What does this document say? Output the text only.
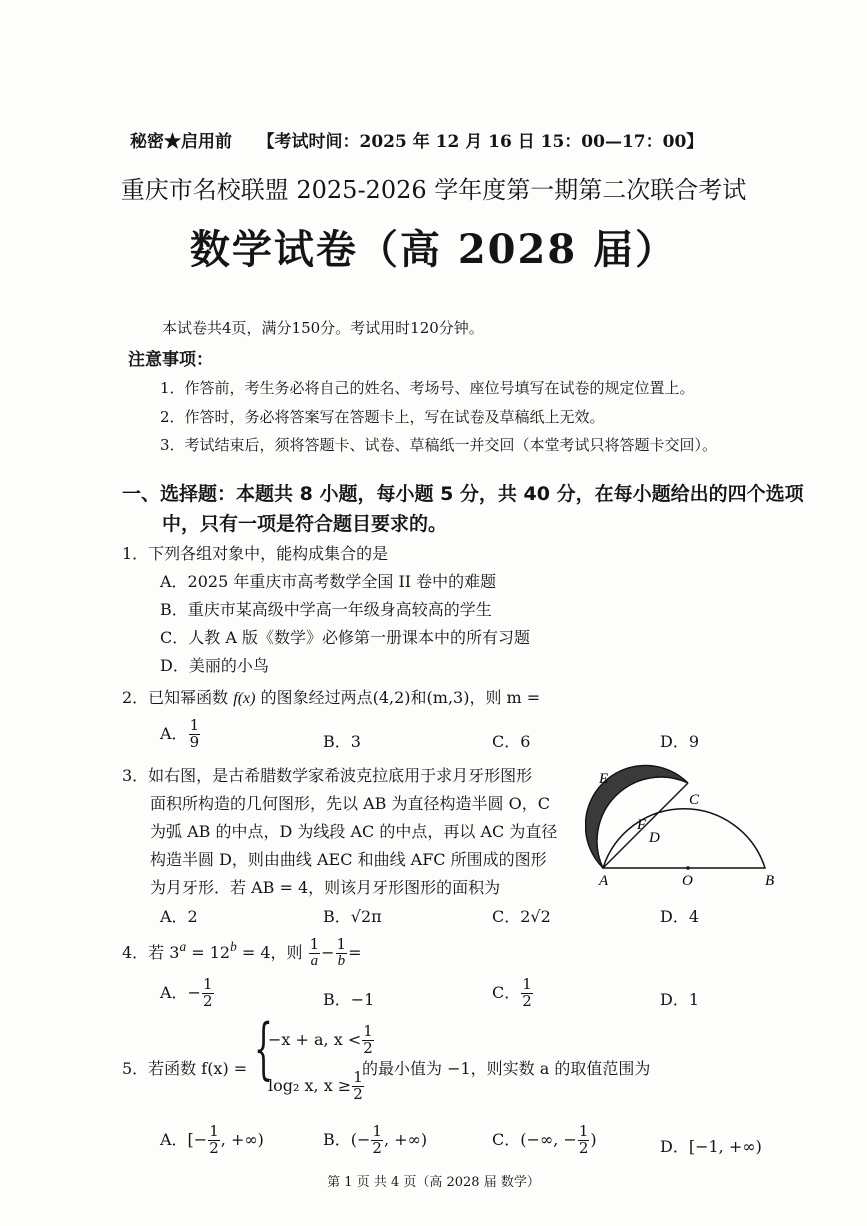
秘密★启用前　　【考试时间：2025 年 12 月 16 日 15：00—17：00】
重庆市名校联盟 2025-2026 学年度第一期第二次联合考试
数学试卷（高 2028 届）
本试卷共4页，满分150分。考试用时120分钟。
注意事项：
1．作答前，考生务必将自己的姓名、考场号、座位号填写在试卷的规定位置上。
2．作答时，务必将答案写在答题卡上，写在试卷及草稿纸上无效。
3．考试结束后，须将答题卡、试卷、草稿纸一并交回（本堂考试只将答题卡交回）。
一、选择题：本题共 8 小题，每小题 5 分，共 40 分，在每小题给出的四个选项
中，只有一项是符合题目要求的。
1．下列各组对象中，能构成集合的是
A．2025 年重庆市高考数学全国 II 卷中的难题
B．重庆市某高级中学高一年级身高较高的学生
C．人教 A 版《数学》必修第一册课本中的所有习题
D．美丽的小鸟
2．已知幂函数 f(x) 的图象经过两点(4,2)和(m,3)，则 m =
A． $\frac{1}{9}$	B．3	C．6	D．9
3．如右图，是古希腊数学家希波克拉底用于求月牙形图形
面积所构造的几何图形，先以 AB 为直径构造半圆 O，C
为弧 AB 的中点，D 为线段 AC 的中点，再以 AC 为直径
构造半圆 D，则由曲线 AEC 和曲线 AFC 所围成的图形
为月牙形．若 AB = 4，则该月牙形图形的面积为
A．2	B．√2π	C．2√2	D．4
E
C
F
D
A	O	B
4．若 $3^a = 12^b = 4$，则 $\frac{1}{a} - \frac{1}{b}$ =
A．− $\frac{1}{2}$	B．−1	C． $\frac{1}{2}$	D．1
5．若函数 f(x) = {
−x + a, $x < \frac{1}{2}$
log₂ x, $x \ge \frac{1}{2}$
的最小值为 −1，则实数 a 的取值范围为
A．[− $\frac{1}{2}$ , +∞)	B．(− $\frac{1}{2}$ , +∞)	C．(−∞, − $\frac{1}{2}$ )	D．[−1, +∞)
第 1 页 共 4 页（高 2028 届 数学）
